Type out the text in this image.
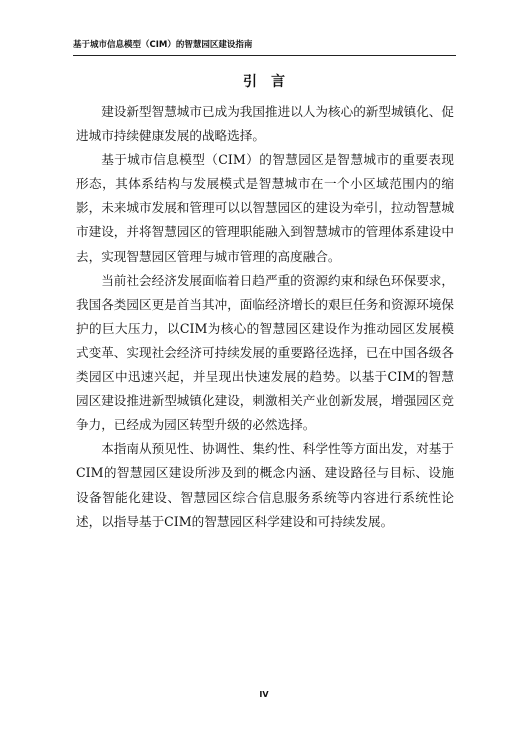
基于城市信息模型（CIM）的智慧园区建设指南
引言

建设新型智慧城市已成为我国推进以人为核心的新型城镇化、促进城市持续健康发展的战略选择。

基于城市信息模型（CIM）的智慧园区是智慧城市的重要表现形态，其体系结构与发展模式是智慧城市在一个小区域范围内的缩影，未来城市发展和管理可以以智慧园区的建设为牵引，拉动智慧城市建设，并将智慧园区的管理职能融入到智慧城市的管理体系建设中去，实现智慧园区管理与城市管理的高度融合。

当前社会经济发展面临着日趋严重的资源约束和绿色环保要求，我国各类园区更是首当其冲，面临经济增长的艰巨任务和资源环境保护的巨大压力，以CIM为核心的智慧园区建设作为推动园区发展模式变革、实现社会经济可持续发展的重要路径选择，已在中国各级各类园区中迅速兴起，并呈现出快速发展的趋势。以基于CIM的智慧园区建设推进新型城镇化建设，刺激相关产业创新发展，增强园区竞争力，已经成为园区转型升级的必然选择。

本指南从预见性、协调性、集约性、科学性等方面出发，对基于CIM的智慧园区建设所涉及到的概念内涵、建设路径与目标、设施设备智能化建设、智慧园区综合信息服务系统等内容进行系统性论述，以指导基于CIM的智慧园区科学建设和可持续发展。

IV
